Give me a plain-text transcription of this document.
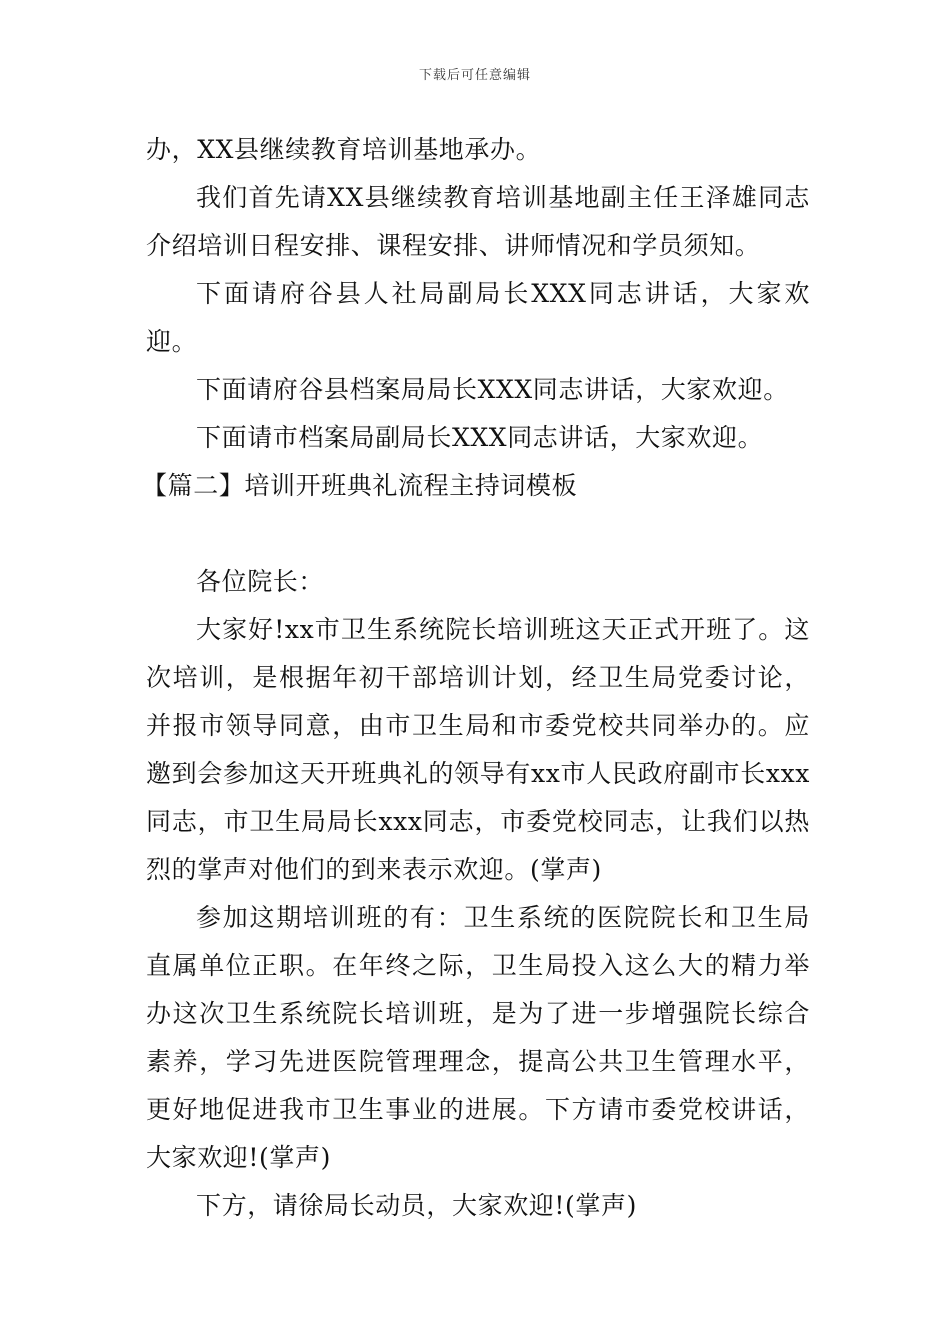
下载后可任意编辑

办，XX县继续教育培训基地承办。

我们首先请XX县继续教育培训基地副主任王泽雄同志介绍培训日程安排、课程安排、讲师情况和学员须知。

下面请府谷县人社局副局长XXX同志讲话，大家欢迎。

下面请府谷县档案局局长XXX同志讲话，大家欢迎。

下面请市档案局副局长XXX同志讲话，大家欢迎。

【篇二】培训开班典礼流程主持词模板

各位院长：

大家好!xx市卫生系统院长培训班这天正式开班了。这次培训，是根据年初干部培训计划，经卫生局党委讨论，并报市领导同意，由市卫生局和市委党校共同举办的。应邀到会参加这天开班典礼的领导有xx市人民政府副市长xxx同志，市卫生局局长xxx同志，市委党校同志，让我们以热烈的掌声对他们的到来表示欢迎。(掌声)

参加这期培训班的有：卫生系统的医院院长和卫生局直属单位正职。在年终之际，卫生局投入这么大的精力举办这次卫生系统院长培训班，是为了进一步增强院长综合素养，学习先进医院管理理念，提高公共卫生管理水平，更好地促进我市卫生事业的进展。下方请市委党校讲话，大家欢迎!(掌声)

下方，请徐局长动员，大家欢迎!(掌声)
